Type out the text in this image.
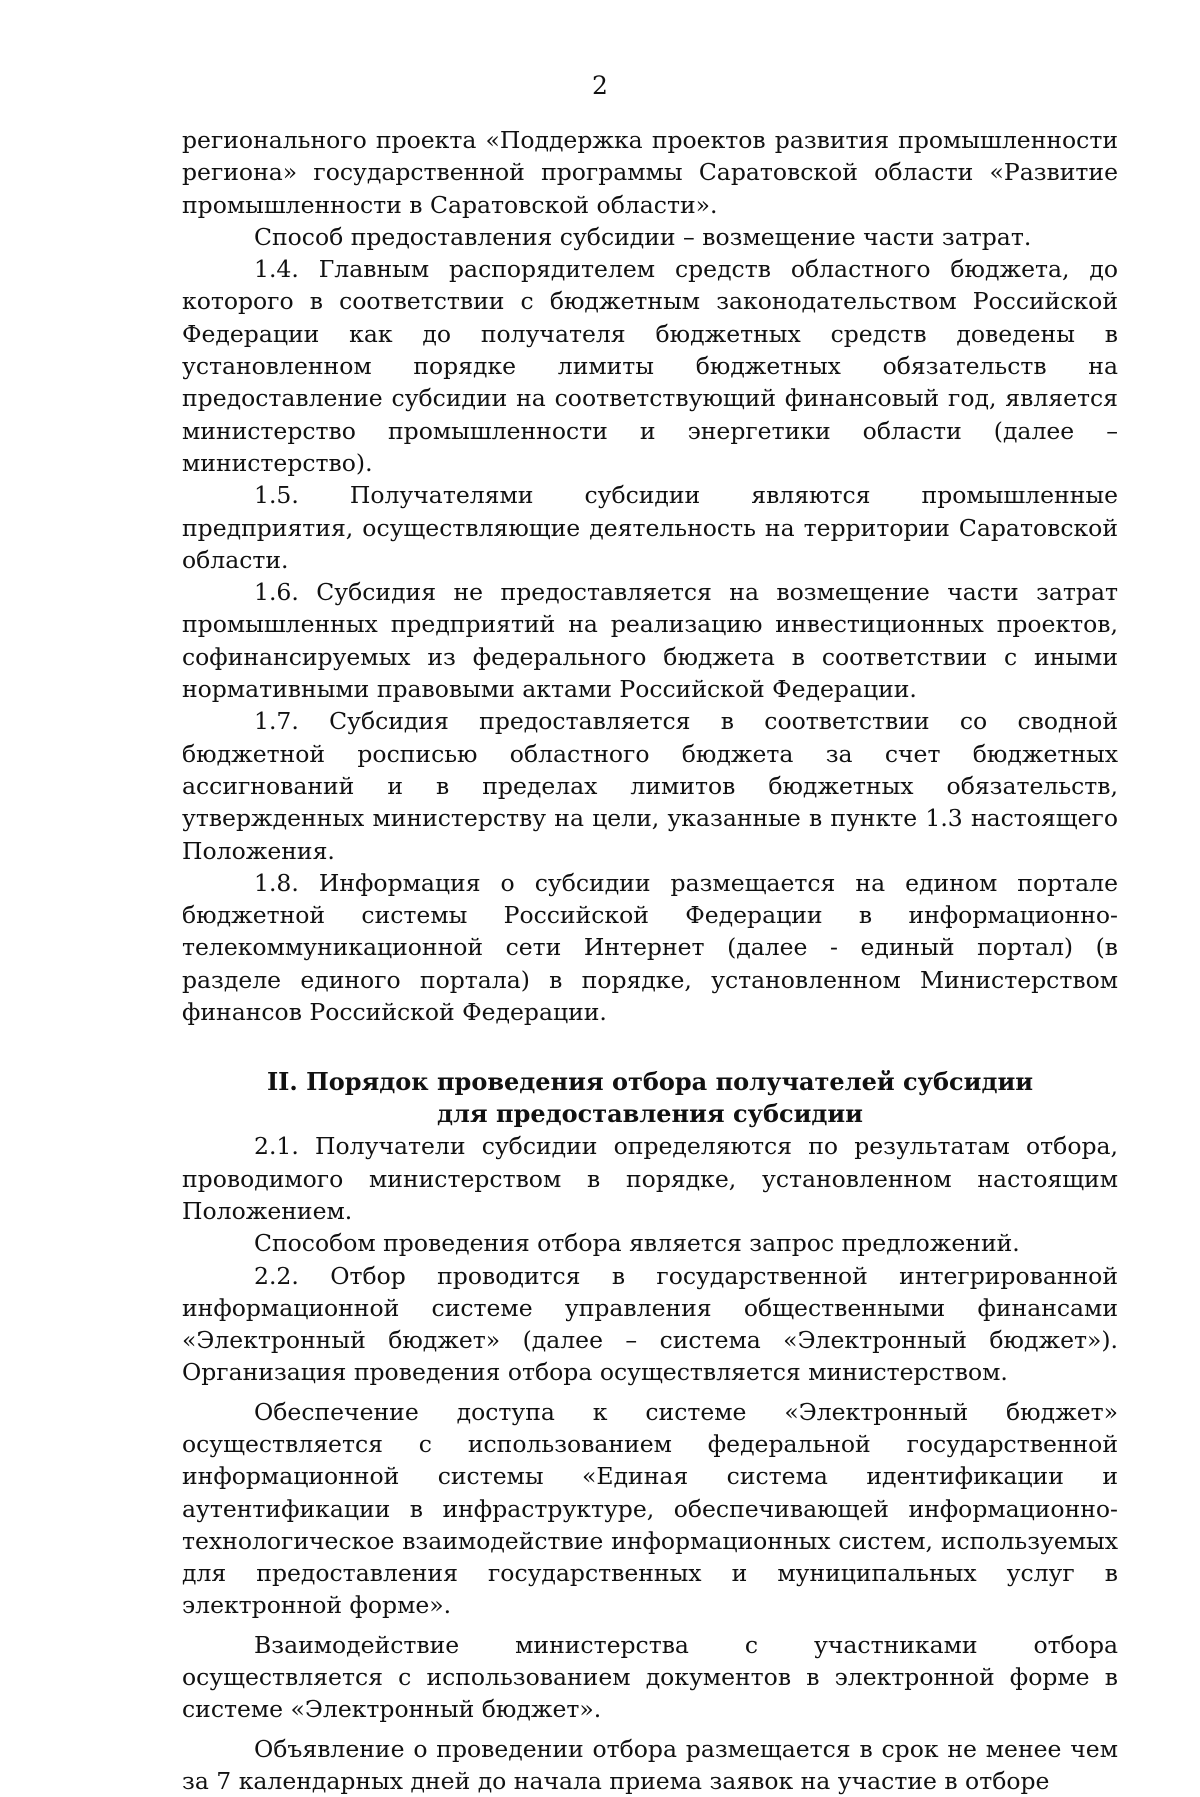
2

регионального проекта «Поддержка проектов развития промышленности региона» государственной программы Саратовской области «Развитие промышленности в Саратовской области».

Способ предоставления субсидии – возмещение части затрат.

1.4. Главным распорядителем средств областного бюджета, до которого в соответствии с бюджетным законодательством Российской Федерации как до получателя бюджетных средств доведены в установленном порядке лимиты бюджетных обязательств на предоставление субсидии на соответствующий финансовый год, является министерство промышленности и энергетики области (далее – министерство).

1.5. Получателями субсидии являются промышленные предприятия, осуществляющие деятельность на территории Саратовской области.

1.6. Субсидия не предоставляется на возмещение части затрат промышленных предприятий на реализацию инвестиционных проектов, софинансируемых из федерального бюджета в соответствии с иными нормативными правовыми актами Российской Федерации.

1.7. Субсидия предоставляется в соответствии со сводной бюджетной росписью областного бюджета за счет бюджетных ассигнований и в пределах лимитов бюджетных обязательств, утвержденных министерству на цели, указанные в пункте 1.3 настоящего Положения.

1.8. Информация о субсидии размещается на едином портале бюджетной системы Российской Федерации в информационно-телекоммуникационной сети Интернет (далее - единый портал) (в разделе единого портала) в порядке, установленном Министерством финансов Российской Федерации.

II. Порядок проведения отбора получателей субсидии
для предоставления субсидии

2.1. Получатели субсидии определяются по результатам отбора, проводимого министерством в порядке, установленном настоящим Положением.

Способом проведения отбора является запрос предложений.

2.2. Отбор проводится в государственной интегрированной информационной системе управления общественными финансами «Электронный бюджет» (далее – система «Электронный бюджет»). Организация проведения отбора осуществляется министерством.

Обеспечение доступа к системе «Электронный бюджет» осуществляется с использованием федеральной государственной информационной системы «Единая система идентификации и аутентификации в инфраструктуре, обеспечивающей информационно-технологическое взаимодействие информационных систем, используемых для предоставления государственных и муниципальных услуг в электронной форме».

Взаимодействие министерства с участниками отбора осуществляется с использованием документов в электронной форме в системе «Электронный бюджет».

Объявление о проведении отбора размещается в срок не менее чем за 7 календарных дней до начала приема заявок на участие в отборе
